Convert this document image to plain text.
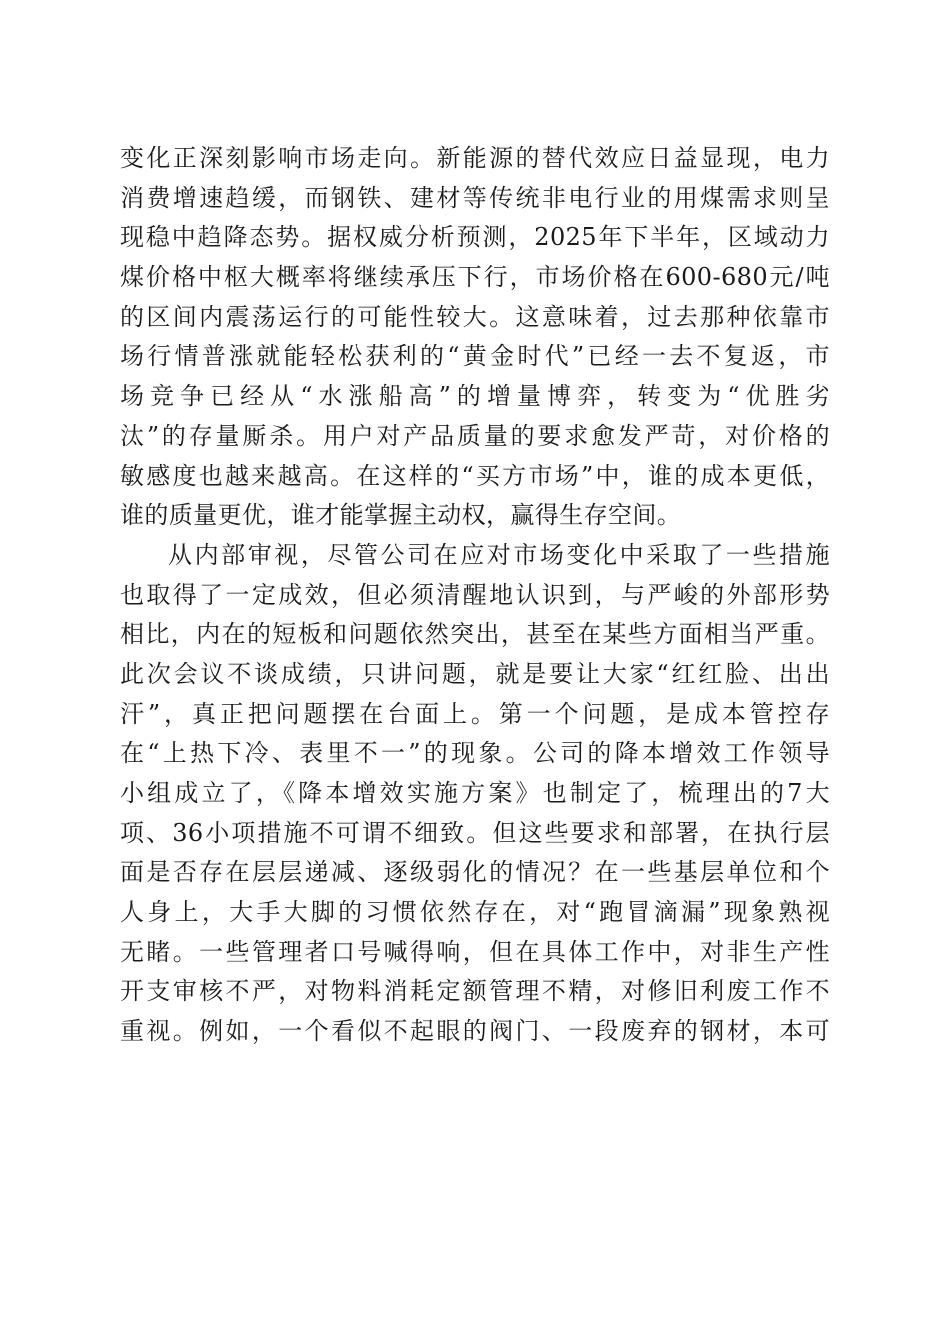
变化正深刻影响市场走向。新能源的替代效应日益显现，电力
消费增速趋缓，而钢铁、建材等传统非电行业的用煤需求则呈
现稳中趋降态势。据权威分析预测，2025年下半年，区域动力
煤价格中枢大概率将继续承压下行，市场价格在600-680元/吨
的区间内震荡运行的可能性较大。这意味着，过去那种依靠市
场行情普涨就能轻松获利的“黄金时代”已经一去不复返，市
场竞争已经从“水涨船高”的增量博弈，转变为“优胜劣
汰”的存量厮杀。用户对产品质量的要求愈发严苛，对价格的
敏感度也越来越高。在这样的“买方市场”中，谁的成本更低，
谁的质量更优，谁才能掌握主动权，赢得生存空间。
从内部审视，尽管公司在应对市场变化中采取了一些措施
也取得了一定成效，但必须清醒地认识到，与严峻的外部形势
相比，内在的短板和问题依然突出，甚至在某些方面相当严重。
此次会议不谈成绩，只讲问题，就是要让大家“红红脸、出出
汗”，真正把问题摆在台面上。第一个问题，是成本管控存
在“上热下冷、表里不一”的现象。公司的降本增效工作领导
小组成立了，《降本增效实施方案》也制定了，梳理出的7大
项、36小项措施不可谓不细致。但这些要求和部署，在执行层
面是否存在层层递减、逐级弱化的情况？在一些基层单位和个
人身上，大手大脚的习惯依然存在，对“跑冒滴漏”现象熟视
无睹。一些管理者口号喊得响，但在具体工作中，对非生产性
开支审核不严，对物料消耗定额管理不精，对修旧利废工作不
重视。例如，一个看似不起眼的阀门、一段废弃的钢材，本可
